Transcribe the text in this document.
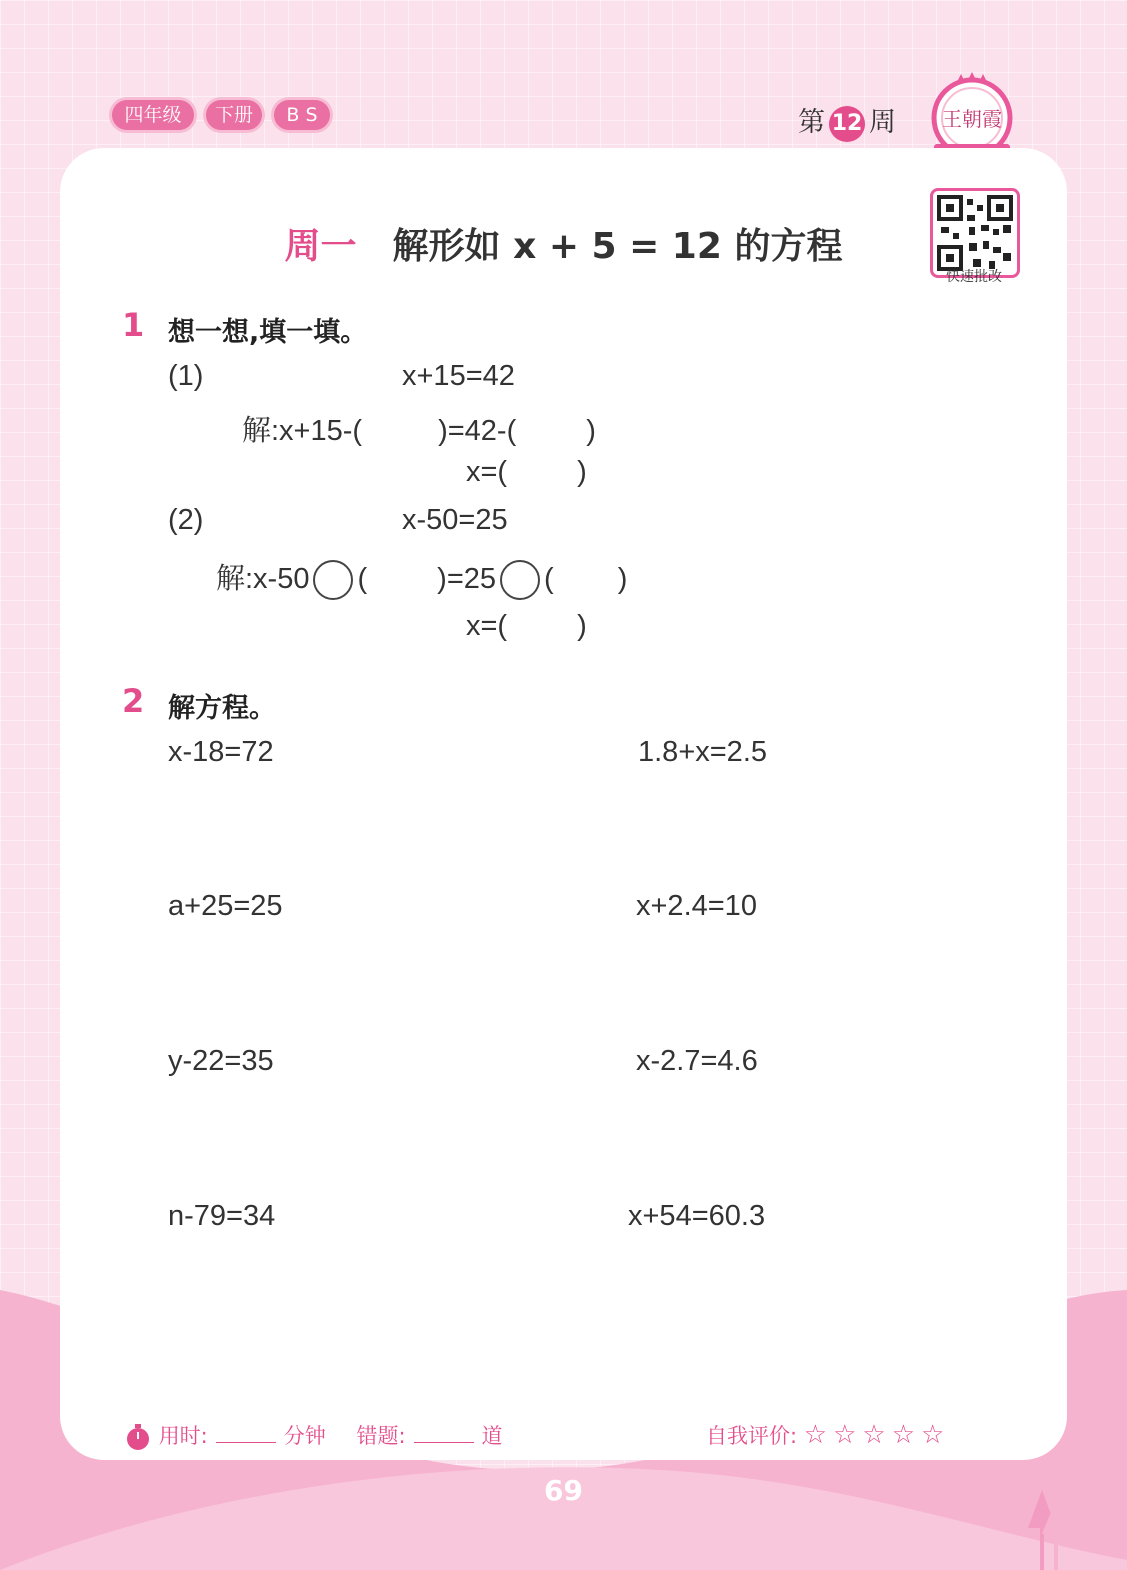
四年级	下册	B S	第 12 周 王朝霞
快速批改
周一 解形如 x + 5 = 12 的方程
1 想一想,填一填。
(1)	x+15=42
解:x+15-(	)=42-( )
x=( )
(2)	x-50=25
解:x-50 ( )=25 ( )
x=( )
2 解方程。
x-18=72	1.8+x=2.5
a+25=25	x+2.4=10
y-22=35	x-2.7=4.6
n-79=34	x+54=60.3
用时:	分钟 错题:	道	自我评价: ☆☆☆☆☆
69
